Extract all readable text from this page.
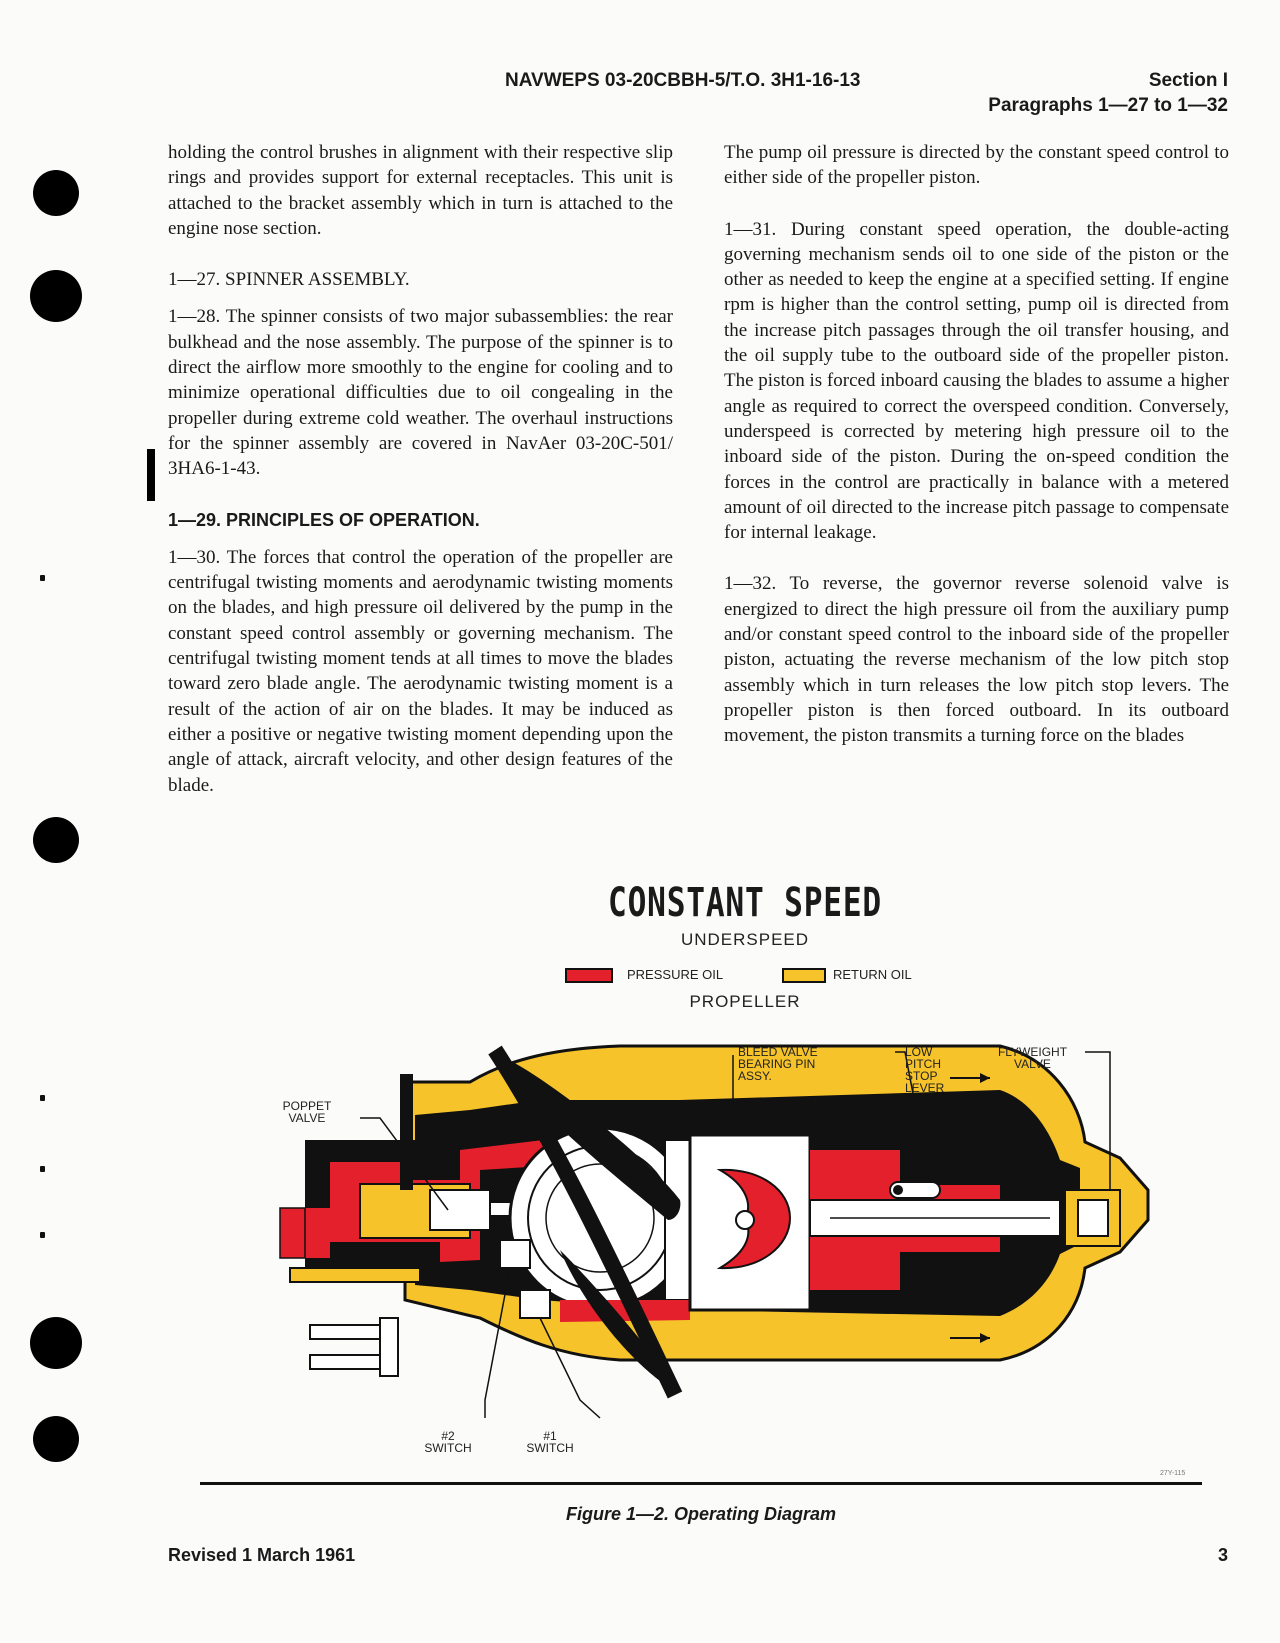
NAVWEPS 03-20CBBH-5/T.O. 3H1-16-13	Section I
Paragraphs 1—27 to 1—32

holding the control brushes in alignment with their respective slip rings and provides support for external receptacles. This unit is attached to the bracket assembly which in turn is attached to the engine nose section.

1—27. SPINNER ASSEMBLY.

1—28. The spinner consists of two major subassemblies: the rear bulkhead and the nose assembly. The purpose of the spinner is to direct the airflow more smoothly to the engine for cooling and to minimize operational difficulties due to oil congealing in the propeller during extreme cold weather. The overhaul instructions for the spinner assembly are covered in NavAer 03-20C-501/ 3HA6-1-43.

1—29. PRINCIPLES OF OPERATION.

1—30. The forces that control the operation of the propeller are centrifugal twisting moments and aerodynamic twisting moments on the blades, and high pressure oil delivered by the pump in the constant speed control assembly or governing mechanism. The centrifugal twisting moment tends at all times to move the blades toward zero blade angle. The aerodynamic twisting moment is a result of the action of air on the blades. It may be induced as either a positive or negative twisting moment depending upon the angle of attack, aircraft velocity, and other design features of the blade.

The pump oil pressure is directed by the constant speed control to either side of the propeller piston.

1—31. During constant speed operation, the double-acting governing mechanism sends oil to one side of the piston or the other as needed to keep the engine at a specified setting. If engine rpm is higher than the control setting, pump oil is directed from the increase pitch passages through the oil transfer housing, and the oil supply tube to the outboard side of the propeller piston. The piston is forced inboard causing the blades to assume a higher angle as required to correct the overspeed condition. Conversely, underspeed is corrected by metering high pressure oil to the inboard side of the piston. During the on-speed condition the forces in the control are practically in balance with a metered amount of oil directed to the increase pitch passage to compensate for internal leakage.

1—32. To reverse, the governor reverse solenoid valve is energized to direct the high pressure oil from the auxiliary pump and/or constant speed control to the inboard side of the propeller piston, actuating the reverse mechanism of the low pitch stop assembly which in turn releases the low pitch stop levers. The propeller piston is then forced outboard. In its outboard movement, the piston transmits a turning force on the blades

CONSTANT SPEED
UNDERSPEED
PRESSURE OIL	RETURN OIL
PROPELLER
BLEED VALVE
BEARING PIN
ASSY.
LOW
PITCH
STOP
LEVER
FLYWEIGHT
VALVE
POPPET
VALVE
#2
SWITCH
#1
SWITCH
27Y-115
Figure 1—2. Operating Diagram
Revised 1 March 1961	3
